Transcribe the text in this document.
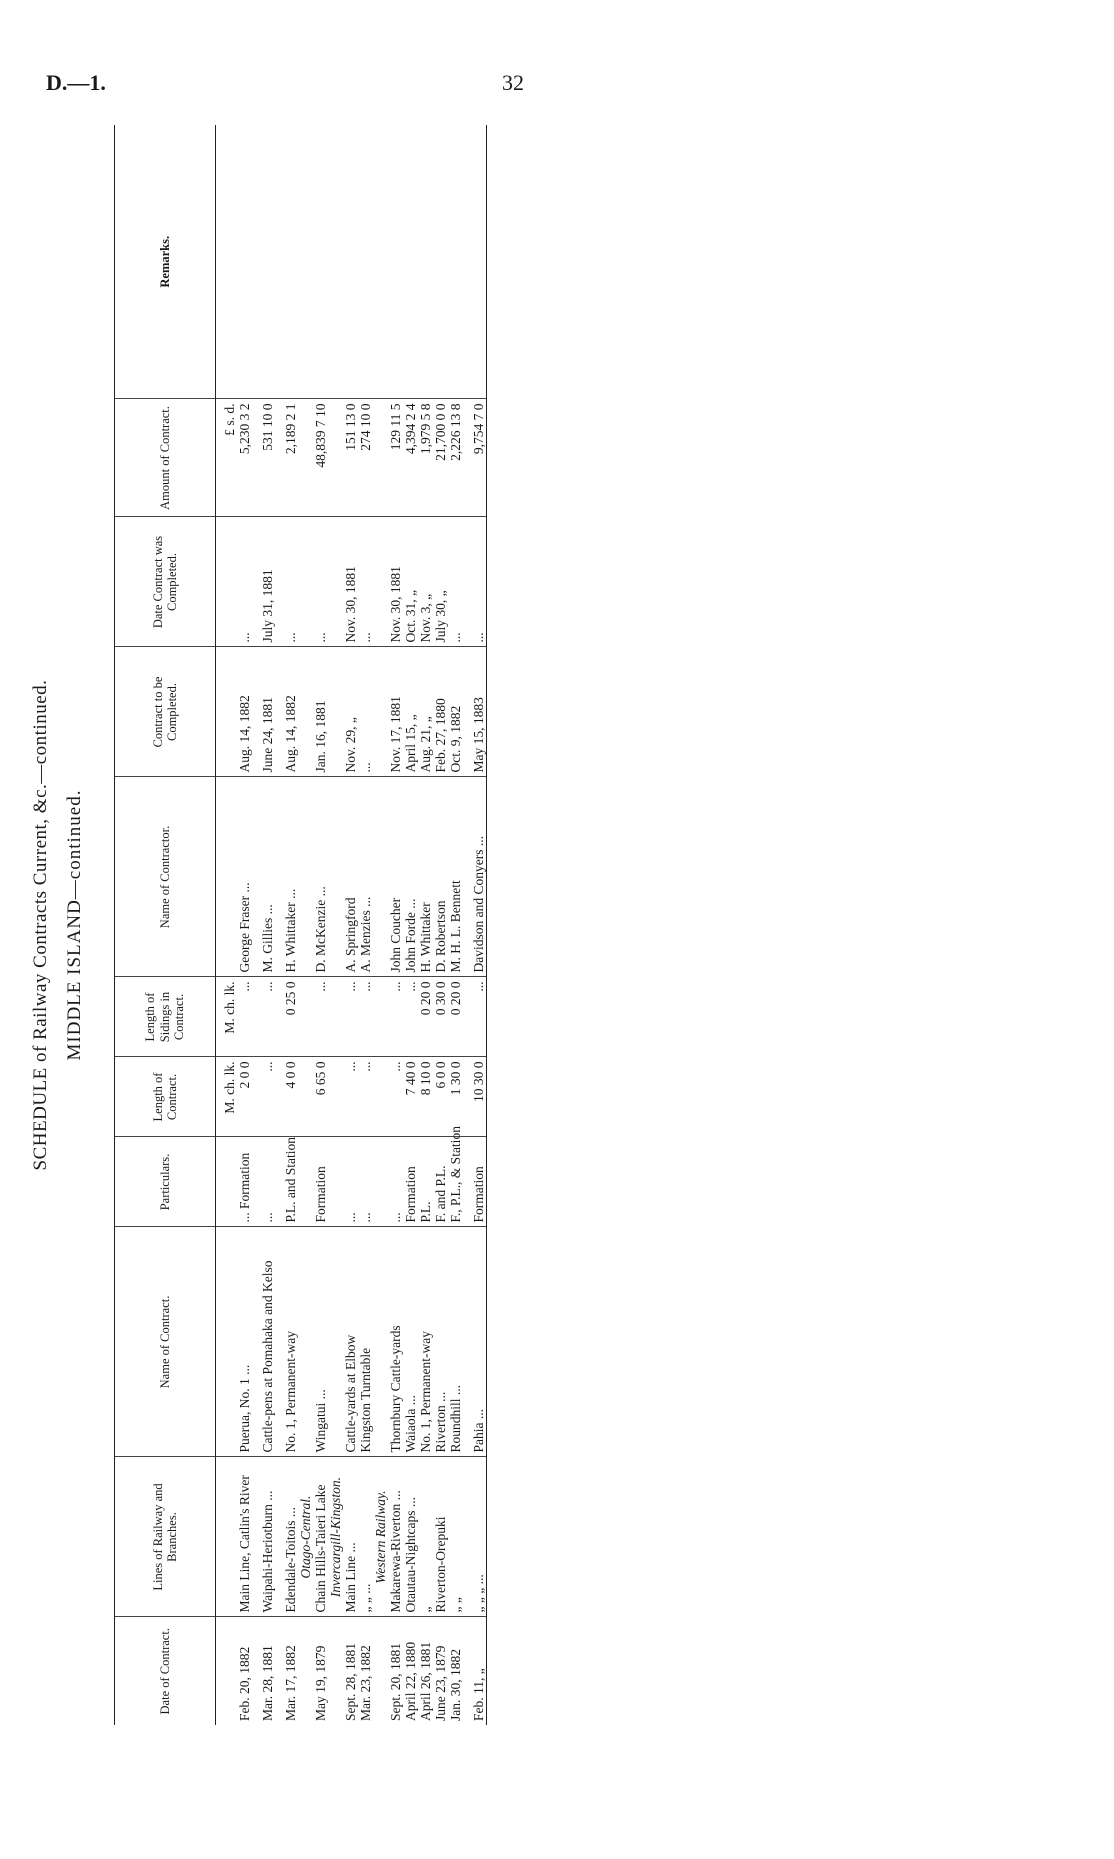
D.—1.	32
SCHEDULE of Railway Contracts Current, &c.—continued. MIDDLE ISLAND—continued.
Date of Contract.	Lines of Railway and Branches.	Name of Contract.	Particulars.	Length of Contract.	Length of Sidings in Contract.	Name of Contractor.	Contract to be Completed.	Date Contract was Completed.	Amount of Contract.	Remarks.
				M. ch. lk.	M. ch. lk.				£ s. d.	
Feb. 20, 1882	Main Line, Catlin's River	Puerua, No. 1 ...	... Formation	2 0 0	...	George Fraser ...	Aug. 14, 1882	...	5,230 3 2	

Mar. 28, 1881	Waipahi-Heriotburn ...	Cattle-pens at Pomahaka and Kelso	...	...	...	M. Gillies ...	June 24, 1881	July 31, 1881	531 10 0	

Mar. 17, 1882	Edendale-Toitois ...	No. 1, Permanent-way	P.L. and Station	4 0 0	0 25 0	H. Whittaker ...	Aug. 14, 1882	...	2,189 2 1	
	Otago-Central.									
May 19, 1879	Chain Hills-Taieri Lake	Wingatui ...	Formation	6 65 0	...	D. McKenzie ...	Jan. 16, 1881	...	48,839 7 10	
	Invercargill-Kingston.									
Sept. 28, 1881	Main Line ...	Cattle-yards at Elbow	...	...	...	A. Springford	Nov. 29, „	Nov. 30, 1881	151 13 0	
Mar. 23, 1882	„ „ ...	Kingston Turntable	...	...	...	A. Menzies ...	...	...	274 10 0	
	Western Railway.									
Sept. 20, 1881	Makarewa-Riverton ...	Thornbury Cattle-yards	...	...	...	John Coucher	Nov. 17, 1881	Nov. 30, 1881	129 11 5	
April 22, 1880	Otautau-Nightcaps ...	Waiaola ...	Formation	7 40 0	...	John Forde ...	April 15, „	Oct. 31, „	4,394 2 4	
April 26, 1881	„	No. 1, Permanent-way	P.L.	8 10 0	0 20 0	H. Whittaker	Aug. 21, „	Nov. 3, „	1,979 5 8	
June 23, 1879	Riverton-Orepuki	Riverton ...	F. and P.L.	6 0 0	0 30 0	D. Robertson	Feb. 27, 1880	July 30, „	21,700 0 0	
Jan. 30, 1882	„ „	Roundhill ...	F., P.L., & Station	1 30 0	0 20 0	M. H. L. Bennett	Oct. 9, 1882	...	2,226 13 8	

Feb. 11, „	„ „ „ ...	Pahia ...	Formation	10 30 0	...	Davidson and Conyers ...	May 15, 1883	...	9,754 7 0	
